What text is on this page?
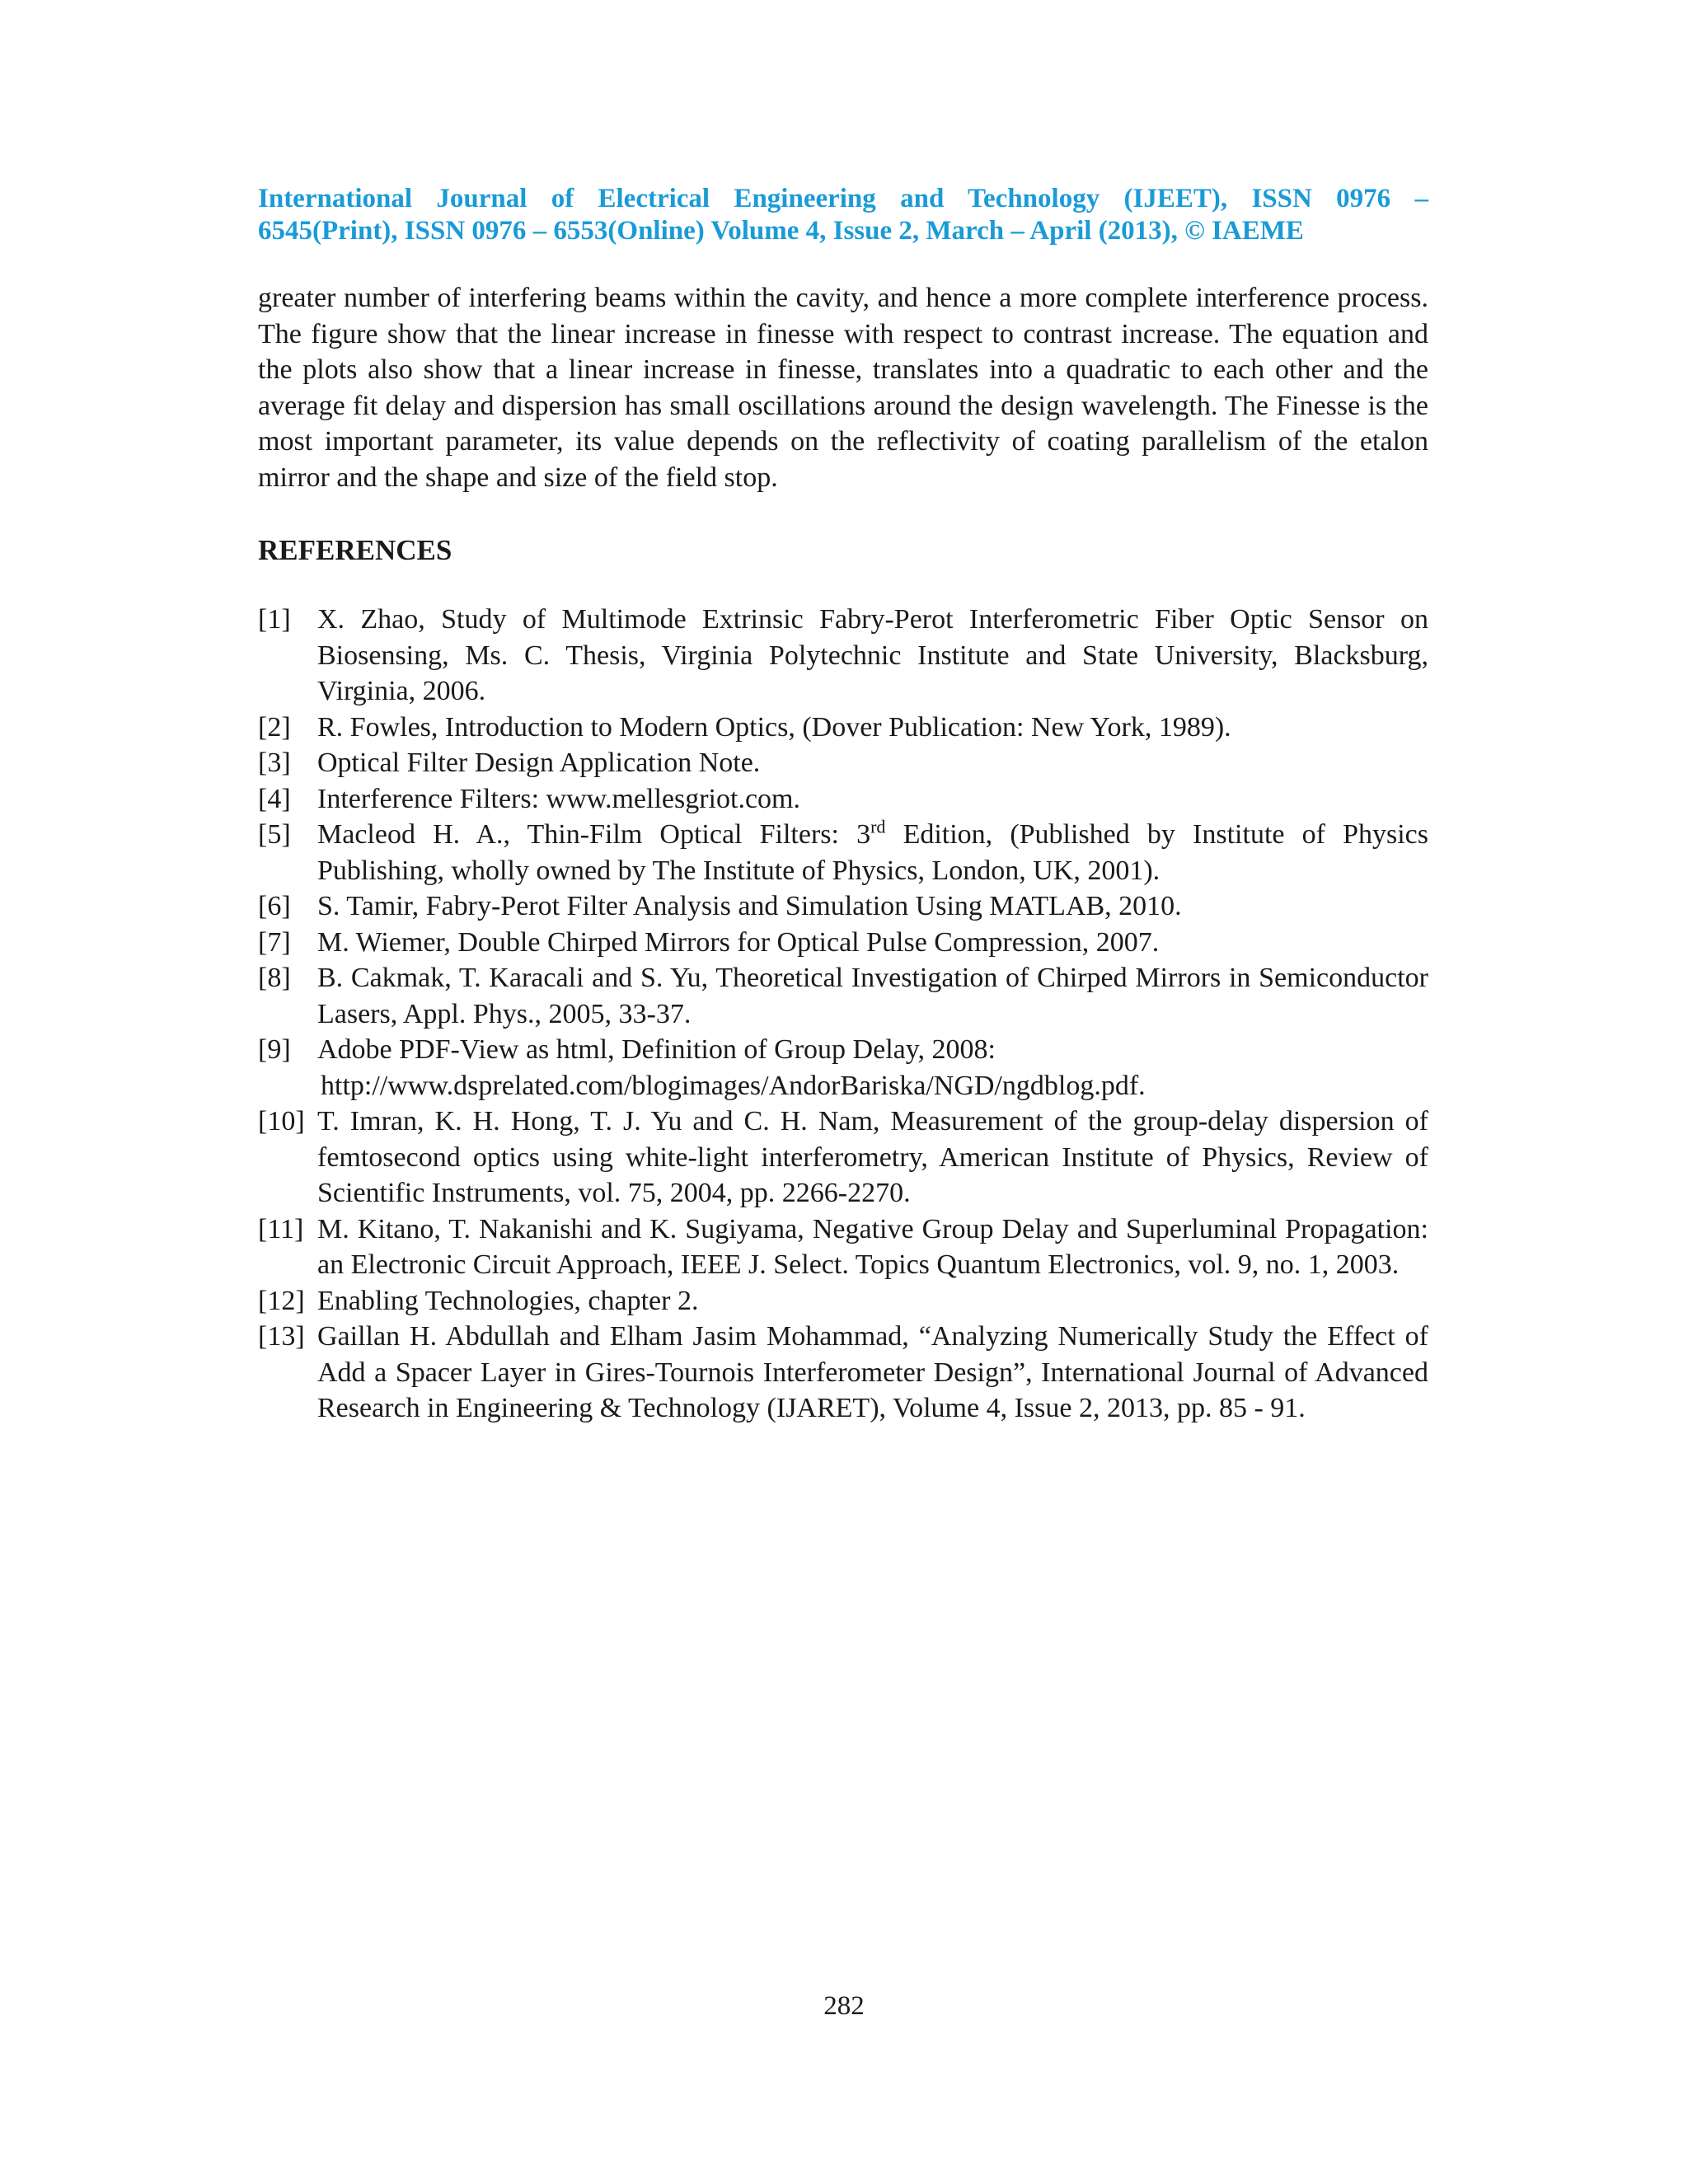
International Journal of Electrical Engineering and Technology (IJEET), ISSN 0976 –
6545(Print), ISSN 0976 – 6553(Online) Volume 4, Issue 2, March – April (2013), © IAEME

greater number of interfering beams within the cavity, and hence a more complete interference process. The figure show that the linear increase in finesse with respect to contrast increase. The equation and the plots also show that a linear increase in finesse, translates into a quadratic to each other and the average fit delay and dispersion has small oscillations around the design wavelength. The Finesse is the most important parameter, its value depends on the reflectivity of coating parallelism of the etalon mirror and the shape and size of the field stop.

REFERENCES
[1] X. Zhao, Study of Multimode Extrinsic Fabry-Perot Interferometric Fiber Optic Sensor on Biosensing, Ms. C. Thesis, Virginia Polytechnic Institute and State University, Blacksburg, Virginia, 2006.
[2] R. Fowles, Introduction to Modern Optics, (Dover Publication: New York, 1989).
[3] Optical Filter Design Application Note.
[4] Interference Filters: www.mellesgriot.com.
[5] Macleod H. A., Thin-Film Optical Filters: 3rd Edition, (Published by Institute of Physics Publishing, wholly owned by The Institute of Physics, London, UK, 2001).
[6] S. Tamir, Fabry-Perot Filter Analysis and Simulation Using MATLAB, 2010.
[7] M. Wiemer, Double Chirped Mirrors for Optical Pulse Compression, 2007.
[8] B. Cakmak, T. Karacali and S. Yu, Theoretical Investigation of Chirped Mirrors in Semiconductor Lasers, Appl. Phys., 2005, 33-37.
[9] Adobe PDF-View as html, Definition of Group Delay, 2008:
http://www.dsprelated.com/blogimages/AndorBariska/NGD/ngdblog.pdf.
[10] T. Imran, K. H. Hong, T. J. Yu and C. H. Nam, Measurement of the group-delay dispersion of femtosecond optics using white-light interferometry, American Institute of Physics, Review of Scientific Instruments, vol. 75, 2004, pp. 2266-2270.
[11] M. Kitano, T. Nakanishi and K. Sugiyama, Negative Group Delay and Superluminal Propagation: an Electronic Circuit Approach, IEEE J. Select. Topics Quantum Electronics, vol. 9, no. 1, 2003.
[12] Enabling Technologies, chapter 2.
[13] Gaillan H. Abdullah and Elham Jasim Mohammad, “Analyzing Numerically Study the Effect of Add a Spacer Layer in Gires-Tournois Interferometer Design”, International Journal of Advanced Research in Engineering & Technology (IJARET), Volume 4, Issue 2, 2013, pp. 85 - 91.
282
